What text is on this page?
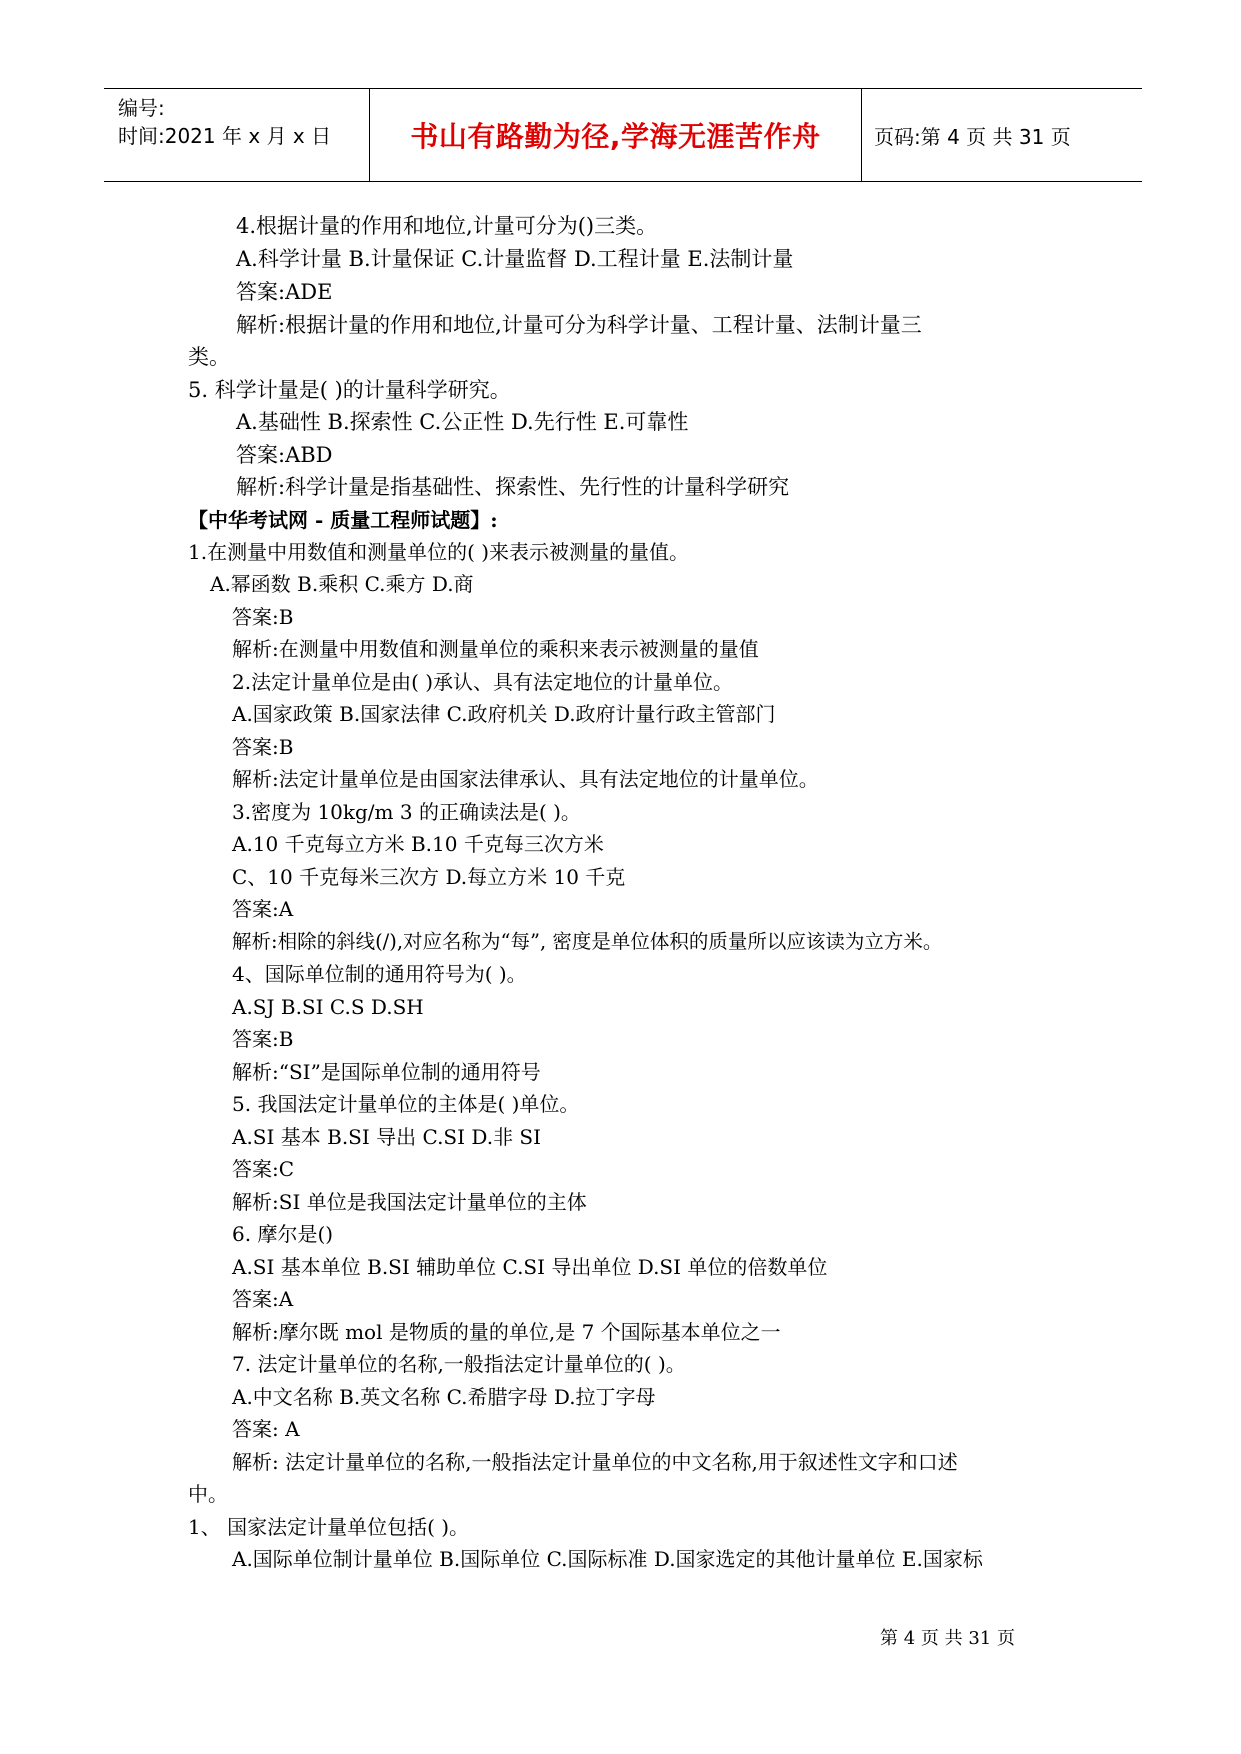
编号:
时间:2021 年 x 月 x 日	书山有路勤为径,学海无涯苦作舟	页码:第 4 页 共 31 页
4.根据计量的作用和地位,计量可分为()三类。
A.科学计量 B.计量保证 C.计量监督 D.工程计量 E.法制计量
答案:ADE
解析:根据计量的作用和地位,计量可分为科学计量、工程计量、法制计量三
类。
5. 科学计量是( )的计量科学研究。
A.基础性 B.探索性 C.公正性 D.先行性 E.可靠性
答案:ABD
解析:科学计量是指基础性、探索性、先行性的计量科学研究
【中华考试网 - 质量工程师试题】:
1.在测量中用数值和测量单位的( )来表示被测量的量值。
A.幂函数 B.乘积 C.乘方 D.商
答案:B
解析:在测量中用数值和测量单位的乘积来表示被测量的量值
2.法定计量单位是由( )承认、具有法定地位的计量单位。
A.国家政策 B.国家法律 C.政府机关 D.政府计量行政主管部门
答案:B
解析:法定计量单位是由国家法律承认、具有法定地位的计量单位。
3.密度为 10kg/m 3 的正确读法是( )。
A.10 千克每立方米 B.10 千克每三次方米
C、10 千克每米三次方 D.每立方米 10 千克
答案:A
解析:相除的斜线(/),对应名称为“每”, 密度是单位体积的质量所以应该读为立方米。
4、国际单位制的通用符号为( )。
A.SJ B.SI C.S D.SH
答案:B
解析:“SI”是国际单位制的通用符号
5. 我国法定计量单位的主体是( )单位。
A.SI 基本 B.SI 导出 C.SI D.非 SI
答案:C
解析:SI 单位是我国法定计量单位的主体
6. 摩尔是()
A.SI 基本单位 B.SI 辅助单位 C.SI 导出单位 D.SI 单位的倍数单位
答案:A
解析:摩尔既 mol 是物质的量的单位,是 7 个国际基本单位之一
7. 法定计量单位的名称,一般指法定计量单位的( )。
A.中文名称 B.英文名称 C.希腊字母 D.拉丁字母
答案: A
解析: 法定计量单位的名称,一般指法定计量单位的中文名称,用于叙述性文字和口述
中。
1、 国家法定计量单位包括( )。
A.国际单位制计量单位 B.国际单位 C.国际标准 D.国家选定的其他计量单位 E.国家标
第 4 页 共 31 页
